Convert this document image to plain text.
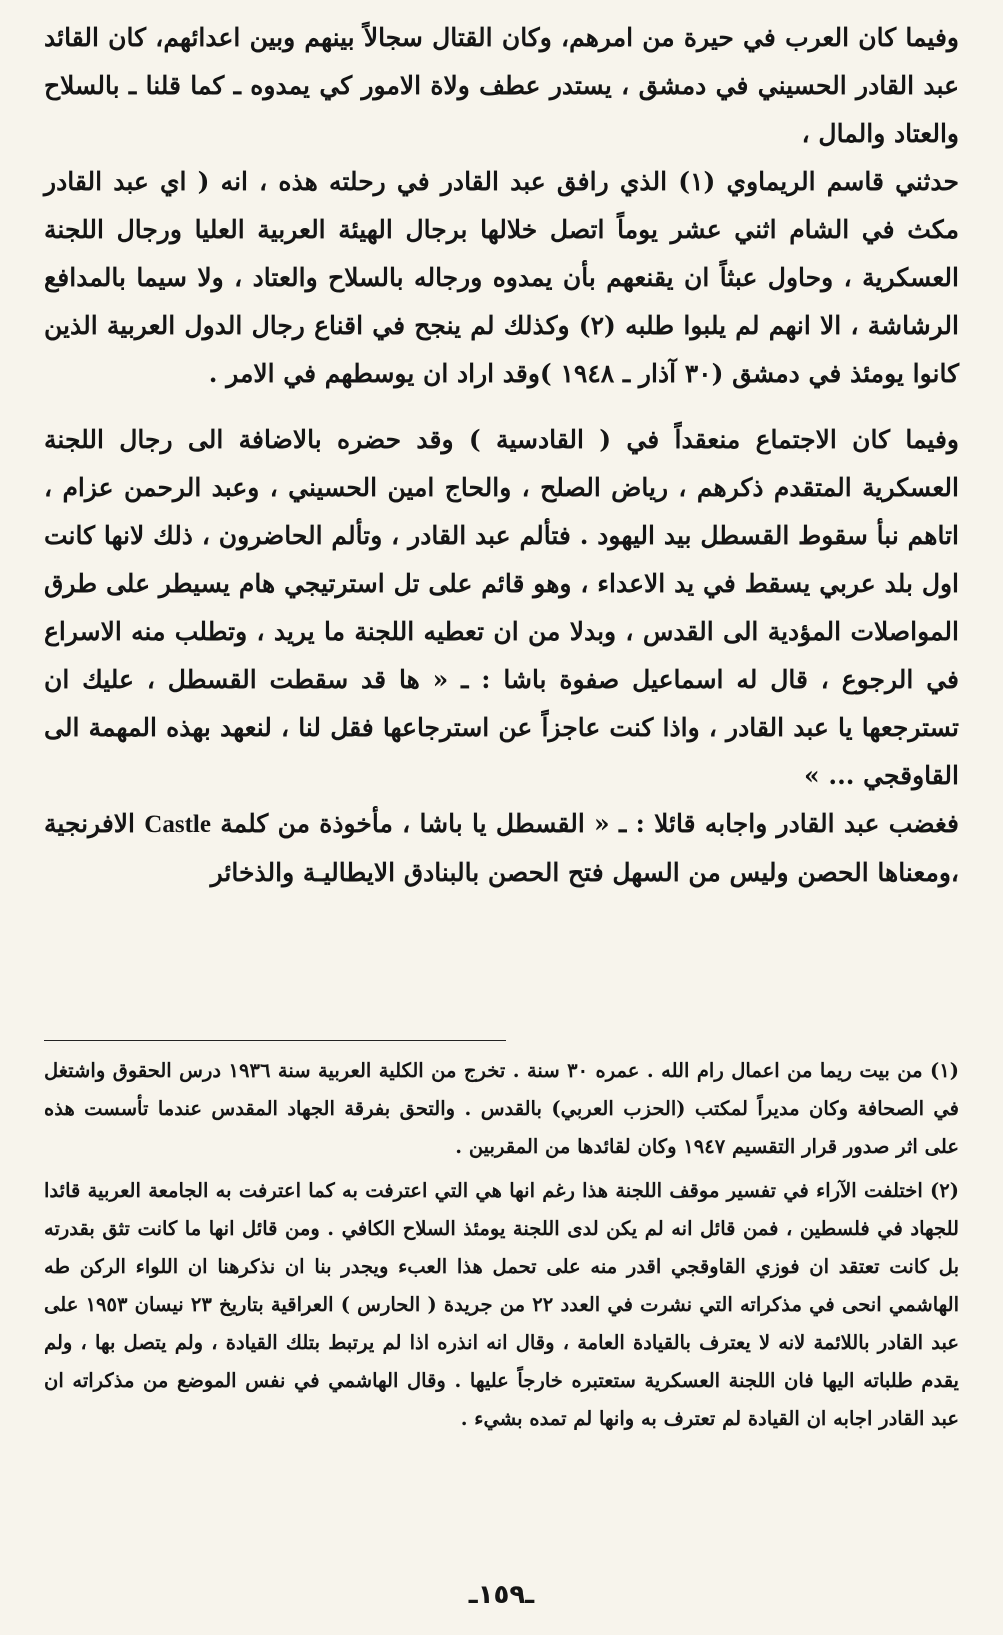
وفيما كان العرب في حيرة من امرهم، وكان القتال سجالاً بينهم وبين اعدائهم، كان القائد عبد القادر الحسيني في دمشق ، يستدر عطف ولاة الامور كي يمدوه ـ كما قلنا ـ بالسلاح والعتاد والمال ،

حدثني قاسم الريماوي (١) الذي رافق عبد القادر في رحلته هذه ، انه ( اي عبد القادر مكث في الشام اثني عشر يوماً اتصل خلالها برجال الهيئة العربية العليا ورجال اللجنة العسكرية ، وحاول عبثاً ان يقنعهم بأن يمدوه ورجاله بالسلاح والعتاد ، ولا سيما بالمدافع الرشاشة ، الا انهم لم يلبوا طلبه (٢) وكذلك لم ينجح في اقناع رجال الدول العربية الذين كانوا يومئذ في دمشق (٣٠ آذار ـ ١٩٤٨ )وقد اراد ان يوسطهم في الامر .

وفيما كان الاجتماع منعقداً في ( القادسية ) وقد حضره بالاضافة الى رجال اللجنة العسكرية المتقدم ذكرهم ، رياض الصلح ، والحاج امين الحسيني ، وعبد الرحمن عزام ، اتاهم نبأ سقوط القسطل بيد اليهود . فتألم عبد القادر ، وتألم الحاضرون ، ذلك لانها كانت اول بلد عربي يسقط في يد الاعداء ، وهو قائم على تل استرتيجي هام يسيطر على طرق المواصلات المؤدية الى القدس ، وبدلا من ان تعطيه اللجنة ما يريد ، وتطلب منه الاسراع في الرجوع ، قال له اسماعيل صفوة باشا : ـ « ها قد سقطت القسطل ، عليك ان تسترجعها يا عبد القادر ، واذا كنت عاجزاً عن استرجاعها فقل لنا ، لنعهد بهذه المهمة الى القاوقجي ... »

فغضب عبد القادر واجابه قائلا : ـ « القسطل يا باشا ، مأخوذة من كلمة Castle الافرنجية ،ومعناها الحصن وليس من السهل فتح الحصن بالبنادق الايطاليـة والذخائر

(١) من بيت ريما من اعمال رام الله . عمره ٣٠ سنة . تخرج من الكلية العربية سنة ١٩٣٦ درس الحقوق واشتغل في الصحافة وكان مديراً لمكتب (الحزب العربي) بالقدس . والتحق بفرقة الجهاد المقدس عندما تأسست هذه على اثر صدور قرار التقسيم ١٩٤٧ وكان لقائدها من المقربين .

(٢) اختلفت الآراء في تفسير موقف اللجنة هذا رغم انها هي التي اعترفت به كما اعترفت به الجامعة العربية قائدا للجهاد في فلسطين ، فمن قائل انه لم يكن لدى اللجنة يومئذ السلاح الكافي . ومن قائل انها ما كانت تثق بقدرته بل كانت تعتقد ان فوزي القاوقجي اقدر منه على تحمل هذا العبء ويجدر بنا ان نذكرهنا ان اللواء الركن طه الهاشمي انحى في مذكراته التي نشرت في العدد ٢٢ من جريدة ( الحارس ) العراقية بتاريخ ٢٣ نيسان ١٩٥٣ على عبد القادر باللائمة لانه لا يعترف بالقيادة العامة ، وقال انه انذره اذا لم يرتبط بتلك القيادة ، ولم يتصل بها ، ولم يقدم طلباته اليها فان اللجنة العسكرية ستعتبره خارجاً عليها . وقال الهاشمي في نفس الموضع من مذكراته ان عبد القادر اجابه ان القيادة لم تعترف به وانها لم تمده بشيء .

ـ١٥٩ـ
